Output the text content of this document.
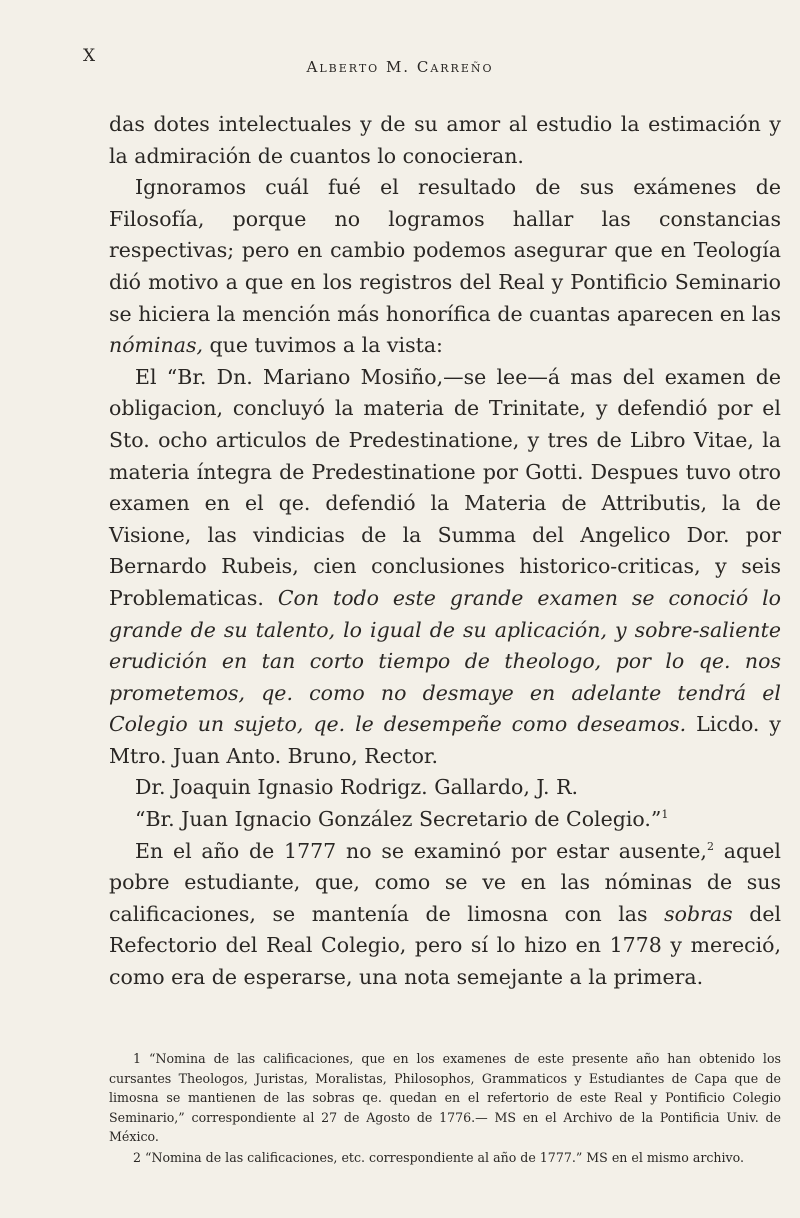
X
Alberto M. Carreño

das dotes intelectuales y de su amor al estudio la estimación y la admiración de cuantos lo conocieran.

Ignoramos cuál fué el resultado de sus exámenes de Filosofía, porque no logramos hallar las constancias respectivas; pero en cambio podemos asegurar que en Teología dió motivo a que en los registros del Real y Pontificio Seminario se hiciera la mención más honorífica de cuantas aparecen en las nóminas, que tuvimos a la vista:

El “Br. Dn. Mariano Mosiño,—se lee—á mas del examen de obligacion, concluyó la materia de Trinitate, y defendió por el Sto. ocho articulos de Predestinatione, y tres de Libro Vitae, la materia íntegra de Predestinatione por Gotti. Despues tuvo otro examen en el qe. defendió la Materia de Attributis, la de Visione, las vindicias de la Summa del Angelico Dor. por Bernardo Rubeis, cien conclusiones historico-criticas, y seis Problematicas. Con todo este grande examen se conoció lo grande de su talento, lo igual de su aplicación, y sobre-saliente erudición en tan corto tiempo de theologo, por lo qe. nos prometemos, qe. como no desmaye en adelante tendrá el Colegio un sujeto, qe. le desempeñe como deseamos. Licdo. y Mtro. Juan Anto. Bruno, Rector.

Dr. Joaquin Ignasio Rodrigz. Gallardo, J. R.

“Br. Juan Ignacio González Secretario de Colegio.”$^1$

En el año de 1777 no se examinó por estar ausente,$^2$ aquel pobre estudiante, que, como se ve en las nóminas de sus calificaciones, se mantenía de limosna con las sobras del Refectorio del Real Colegio, pero sí lo hizo en 1778 y mereció, como era de esperarse, una nota semejante a la primera.

1 “Nomina de las calificaciones, que en los examenes de este presente año han obtenido los cursantes Theologos, Juristas, Moralistas, Philosophos, Grammaticos y Estudiantes de Capa que de limosna se mantienen de las sobras qe. quedan en el refertorio de este Real y Pontificio Colegio Seminario,” correspondiente al 27 de Agosto de 1776.— MS en el Archivo de la Pontificia Univ. de México.

2 “Nomina de las calificaciones, etc. correspondiente al año de 1777.” MS en el mismo archivo.
